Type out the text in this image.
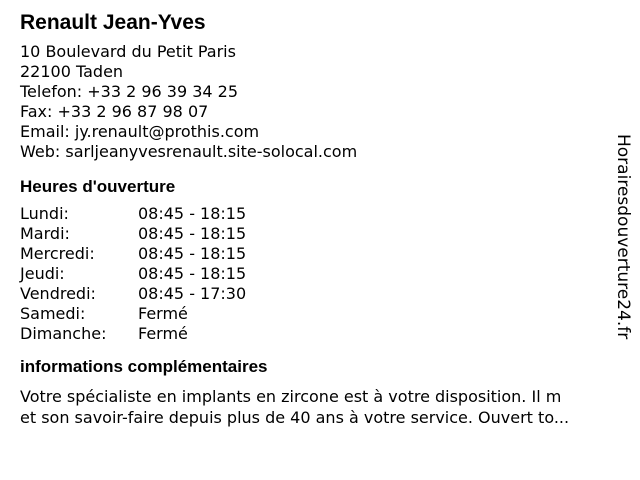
Renault Jean-Yves
10 Boulevard du Petit Paris
22100 Taden
Telefon: +33 2 96 39 34 25
Fax: +33 2 96 87 98 07
Email: jy.renault@prothis.com
Web: sarljeanyvesrenault.site-solocal.com
Heures d'ouverture
Lundi:	08:45 - 18:15
Mardi:	08:45 - 18:15
Mercredi:	08:45 - 18:15
Jeudi:	08:45 - 18:15
Vendredi:	08:45 - 17:30
Samedi:	Fermé
Dimanche: Fermé
informations complémentaires
Votre spécialiste en implants en zircone est à votre disposition. Il m
et son savoir-faire depuis plus de 40 ans à votre service. Ouvert to...
Horairesdouverture24.fr
